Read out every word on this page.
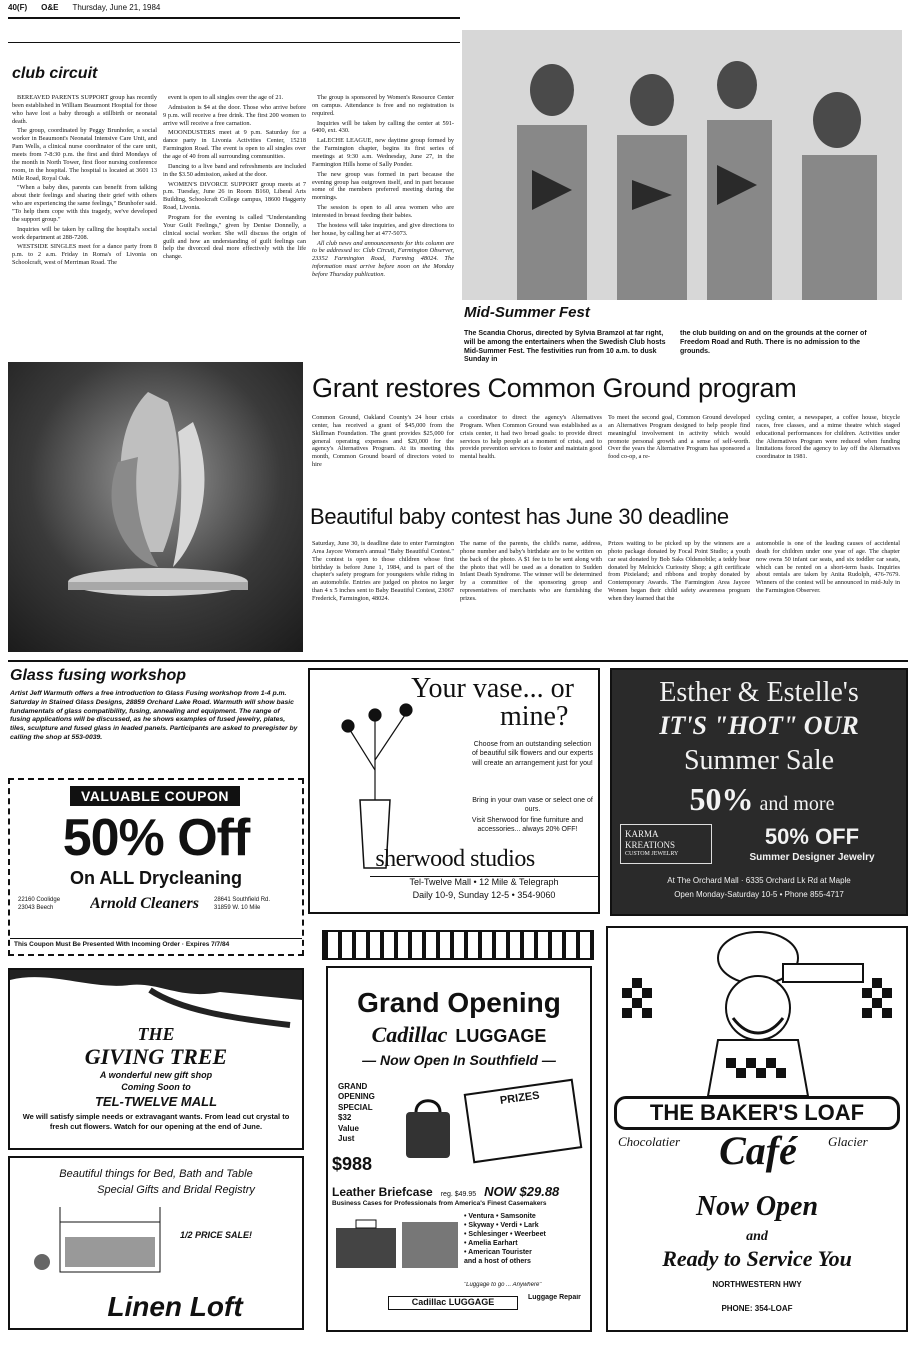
40(F) O&E Thursday, June 21, 1984
club circuit

BEREAVED PARENTS SUPPORT group has recently been established in William Beaumont Hospital for those who have lost a baby through a stillbirth or neonatal death.

The group, coordinated by Peggy Brunhofer, a social worker in Beaumont's Neonatal Intensive Care Unit, and Pam Wells, a clinical nurse coordinator of the care unit, meets from 7-8:30 p.m. the first and third Mondays of the month in North Tower, first floor nursing conference room, in the hospital. The hospital is located at 3601 13 Mile Road, Royal Oak.

"When a baby dies, parents can benefit from talking about their feelings and sharing their grief with others who are experiencing the same feelings," Brunhofer said. "To help them cope with this tragedy, we've developed the support group."

Inquiries will be taken by calling the hospital's social work department at 288-7208.

WESTSIDE SINGLES meet for a dance party from 8 p.m. to 2 a.m. Friday in Roma's of Livonia on Schoolcraft, west of Merriman Road. The

event is open to all singles over the age of 21.

Admission is $4 at the door. Those who arrive before 9 p.m. will receive a free drink. The first 200 women to arrive will receive a free carnation.

MOONDUSTERS meet at 9 p.m. Saturday for a dance party in Livonia Activities Center, 15218 Farmington Road. The event is open to all singles over the age of 40 from all surrounding communities.

Dancing to a live band and refreshments are included in the $3.50 admission, asked at the door.

WOMEN'S DIVORCE SUPPORT group meets at 7 p.m. Tuesday, June 26 in Room B160, Liberal Arts Building, Schoolcraft College campus, 18600 Haggerty Road, Livonia.

Program for the evening is called "Understanding Your Guilt Feelings," given by Denise Donnelly, a clinical social worker. She will discuss the origin of guilt and how an understanding of guilt feelings can help the divorced deal more effectively with the life change.

The group is sponsored by Women's Resource Center on campus. Attendance is free and no registration is required.

Inquiries will be taken by calling the center at 591-6400, ext. 430.

LaLECHE LEAGUE, new daytime group formed by the Farmington chapter, begins its first series of meetings at 9:30 a.m. Wednesday, June 27, in the Farmington Hills home of Sally Ponder.

The new group was formed in part because the evening group has outgrown itself, and in part because some of the members preferred meeting during the mornings.

The session is open to all area women who are interested in breast feeding their babies.

The hostess will take inquiries, and give directions to her house, by calling her at 477-5073.

All club news and announcements for this column are to be addressed to: Club Circuit, Farmington Observer, 23352 Farmington Road, Farming 48024. The information must arrive before noon on the Monday before Thursday publication.

Mid-Summer Fest
The Scandia Chorus, directed by Sylvia Bramzol at far right, will be among the entertainers when the Swedish Club hosts Mid-Summer Fest. The festivities run from 10 a.m. to dusk Sunday in
the club building on and on the grounds at the corner of Freedom Road and Ruth. There is no admission to the grounds.
Grant restores Common Ground program
Common Ground, Oakland County's 24 hour crisis center, has received a grant of $45,000 from the Skillman Foundation. The grant provides $25,000 for general operating expenses and $20,000 for the agency's Alternatives Program. At its meeting this month, Common Ground board of directors voted to hire
a coordinator to direct the agency's Alternatives Program. When Common Ground was established as a crisis center, it had two broad goals: to provide direct services to help people at a moment of crisis, and to provide prevention services to foster and maintain good mental health.
To meet the second goal, Common Ground developed an Alternatives Program designed to help people find meaningful involvement in activity which would promote personal growth and a sense of self-worth. Over the years the Alternative Program has sponsored a food co-op, a re-
cycling center, a newspaper, a coffee house, bicycle races, free classes, and a mime theatre which staged educational performances for children. Activities under the Alternatives Program were reduced when funding limitations forced the agency to lay off the Alternatives coordinator in 1981.
Beautiful baby contest has June 30 deadline
Saturday, June 30, is deadline date to enter Farmington Area Jaycee Women's annual "Baby Beautiful Contest." The contest is open to those children whose first birthday is before June 1, 1984, and is part of the chapter's safety program for youngsters while riding in an automobile. Entries are judged on photos no larger than 4 x 5 inches sent to Baby Beautiful Contest, 23067 Frederick, Farmington, 48024.
The name of the parents, the child's name, address, phone number and baby's birthdate are to be written on the back of the photo. A $1 fee is to be sent along with the photo that will be used as a donation to Sudden Infant Death Syndrome. The winner will be determined by a committee of the sponsoring group and representatives of merchants who are furnishing the prizes.
Prizes waiting to be picked up by the winners are a photo package donated by Focal Point Studio; a youth car seat donated by Bob Saks Oldsmobile; a teddy bear donated by Melnick's Curiosity Shop; a gift certificate from Pixieland; and ribbons and trophy donated by Contemporary Awards. The Farmington Area Jaycee Women began their child safety awareness program when they learned that the
automobile is one of the leading causes of accidental death for children under one year of age. The chapter now owns 50 infant car seats, and six toddler car seats, which can be rented on a short-term basis. Inquiries about rentals are taken by Anita Rudolph, 476-7679. Winners of the contest will be announced in mid-July in the Farmington Observer.
Glass fusing workshop
Artist Jeff Warmuth offers a free introduction to Glass Fusing workshop from 1-4 p.m. Saturday in Stained Glass Designs, 28859 Orchard Lake Road. Warmuth will show basic fundamentals of glass compatibility, fusing, annealing and equipment. The range of fusing applications will be discussed, as he shows examples of fused jewelry, plates, tiles, sculpture and fused glass in leaded panels. Participants are asked to preregister by calling the shop at 553-0039.
VALUABLE COUPON
50% Off
On ALL Drycleaning
22160 Coolidge
23043 Beech	Arnold Cleaners	28641 Southfield Rd.
31859 W. 10 Mile
This Coupon Must Be Presented With Incoming Order · Expires 7/7/84
Your vase... or
mine?
Choose from an outstanding selection of beautiful silk flowers and our experts will create an arrangement just for you!
Bring in your own vase or select one of ours.
Visit Sherwood for fine furniture and accessories... always 20% OFF!
sherwood studios
Tel-Twelve Mall • 12 Mile & Telegraph
Daily 10-9, Sunday 12-5 • 354-9060
Esther & Estelle's
IT'S "HOT" OUR
Summer Sale
50% and more
KARMA KREATIONS
CUSTOM JEWELRY
50% OFF
Summer Designer Jewelry
At The Orchard Mall · 6335 Orchard Lk Rd at Maple
Open Monday-Saturday 10-5 • Phone 855-4717
THE
GIVING TREE
A wonderful new gift shop
Coming Soon to
TEL-TWELVE MALL
We will satisfy simple needs or extravagant wants. From lead cut crystal to fresh cut flowers. Watch for our opening at the end of June.
Beautiful things for Bed, Bath and Table
Special Gifts and Bridal Registry
1/2 PRICE SALE!
Linen Loft
Grand Opening
Cadillac LUGGAGE
— Now Open In Southfield —
GRAND
OPENING
SPECIAL
$32
Value
Just
$988
PRIZES
Leather Briefcase reg. $49.95 NOW $29.88
Business Cases for Professionals from America's Finest Casemakers
• Ventura • Samsonite
• Skyway • Verdi • Lark
• Schlesinger • Weerbeet
• Amelia Earhart
• American Tourister
and a host of others
"Luggage to go ... Anywhere"
Cadillac LUGGAGE	Luggage Repair
THE BAKER'S LOAF
Chocolatier Café	Glacier
Now Open
and
Ready to Service You
NORTHWESTERN HWY
PHONE: 354-LOAF
